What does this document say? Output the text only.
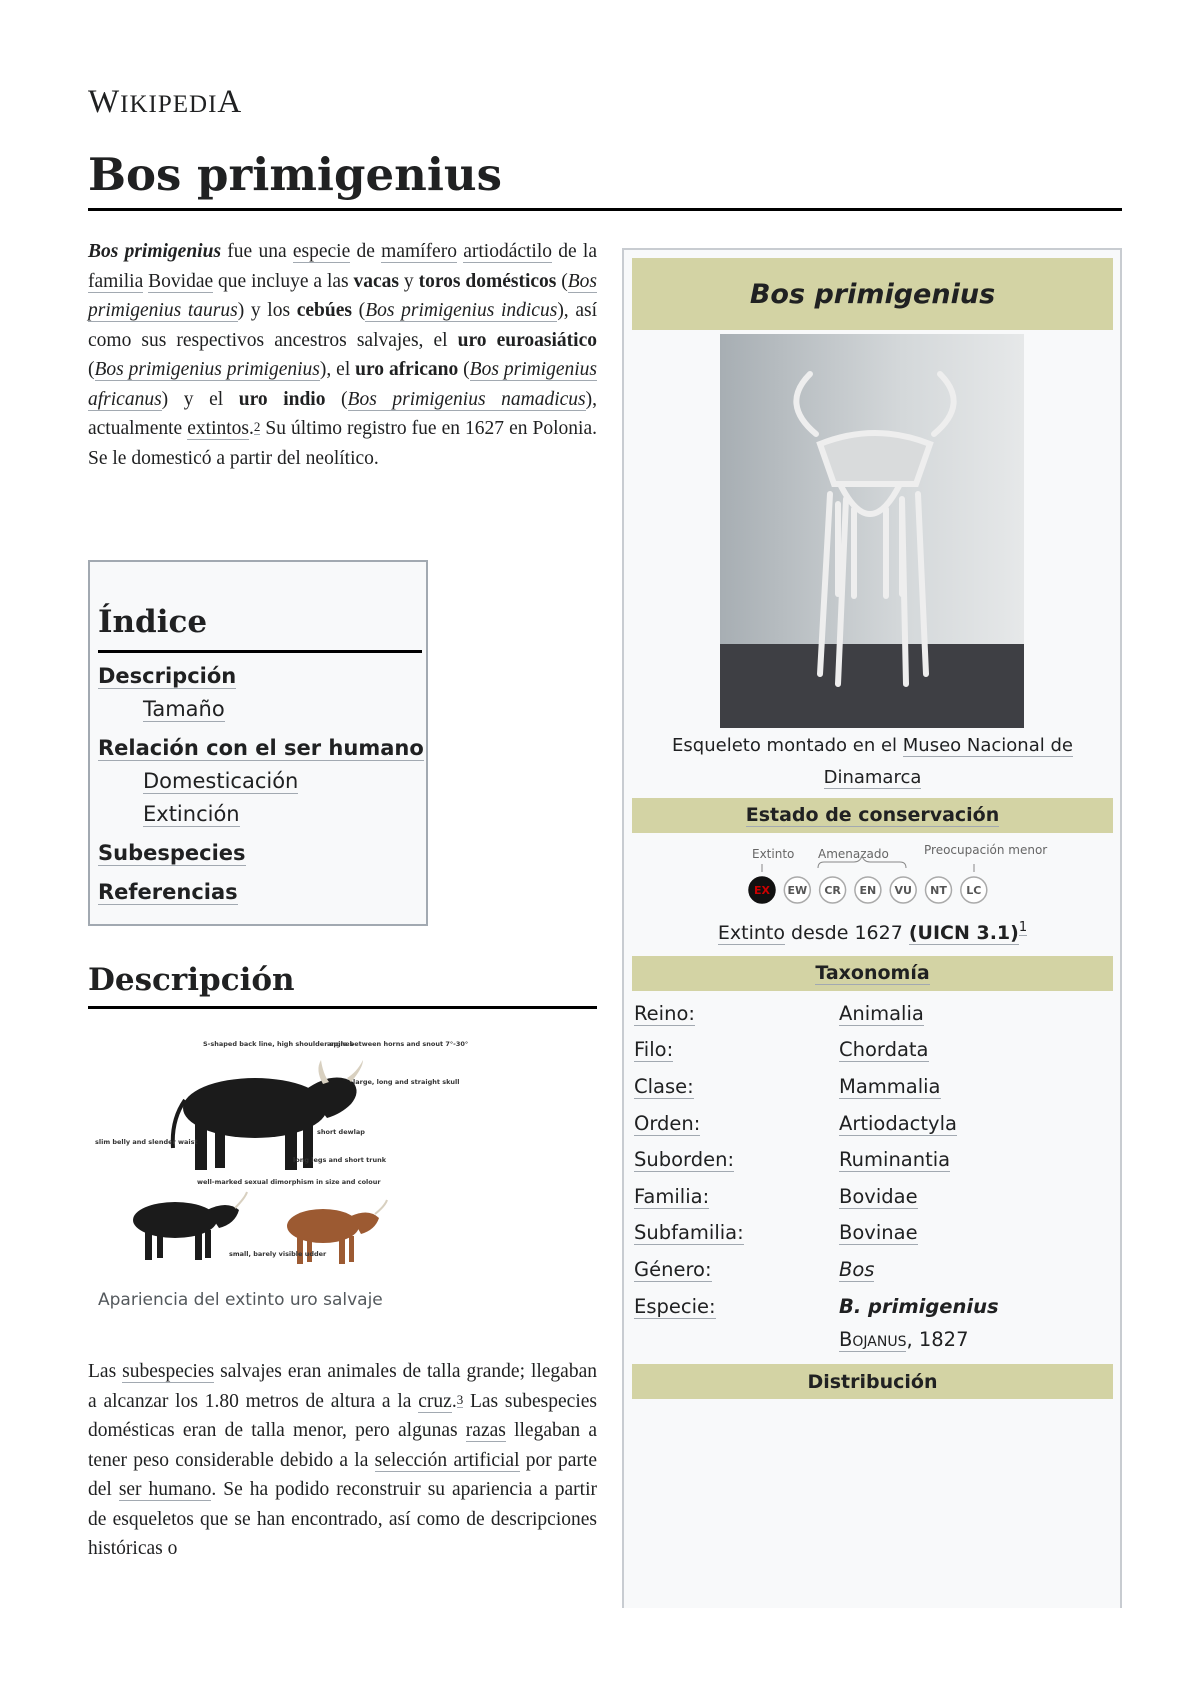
WIKIPEDIA
Bos primigenius

Bos primigenius fue una especie de mamífero artiodáctilo de la familia Bovidae que incluye a las vacas y toros domésticos (Bos primigenius taurus) y los cebúes (Bos primigenius indicus), así como sus respectivos ancestros salvajes, el uro euroasiático (Bos primigenius primigenius), el uro africano (Bos primigenius africanus) y el uro indio (Bos primigenius namadicus), actualmente extintos.$^2$ Su último registro fue en 1627 en Polonia. Se le domesticó a partir del neolítico.

Índice
Descripción
Tamaño
Relación con el ser humano
Domesticación
Extinción
Subespecies
Referencias
Descripción
S-shaped back line, high shoulder spines
angle between horns and snout 7°-30°
large, long and straight skull
short dewlap
slim belly and slender waist
long legs and short trunk
well-marked sexual dimorphism in size and colour
small, barely visible udder
Apariencia del extinto uro salvaje

Las subespecies salvajes eran animales de talla grande; llegaban a alcanzar los 1.80 metros de altura a la cruz.$^3$ Las subespecies domésticas eran de talla menor, pero algunas razas llegaban a tener peso considerable debido a la selección artificial por parte del ser humano. Se ha podido reconstruir su apariencia a partir de esqueletos que se han encontrado, así como de descripciones históricas o

Bos primigenius
Esqueleto montado en el Museo Nacional de Dinamarca
Estado de conservación
Extinto Amenazado	Preocupación menor
EX EW CR EN VU NT LC
Extinto desde 1627 (UICN 3.1)$^1$
Taxonomía
Reino:	Animalia
Filo:	Chordata
Clase:	Mammalia
Orden:	Artiodactyla
Suborden:	Ruminantia
Familia:	Bovidae
Subfamilia:	Bovinae
Género:	Bos
Especie:	B. primigenius
Bojanus, 1827
Distribución
